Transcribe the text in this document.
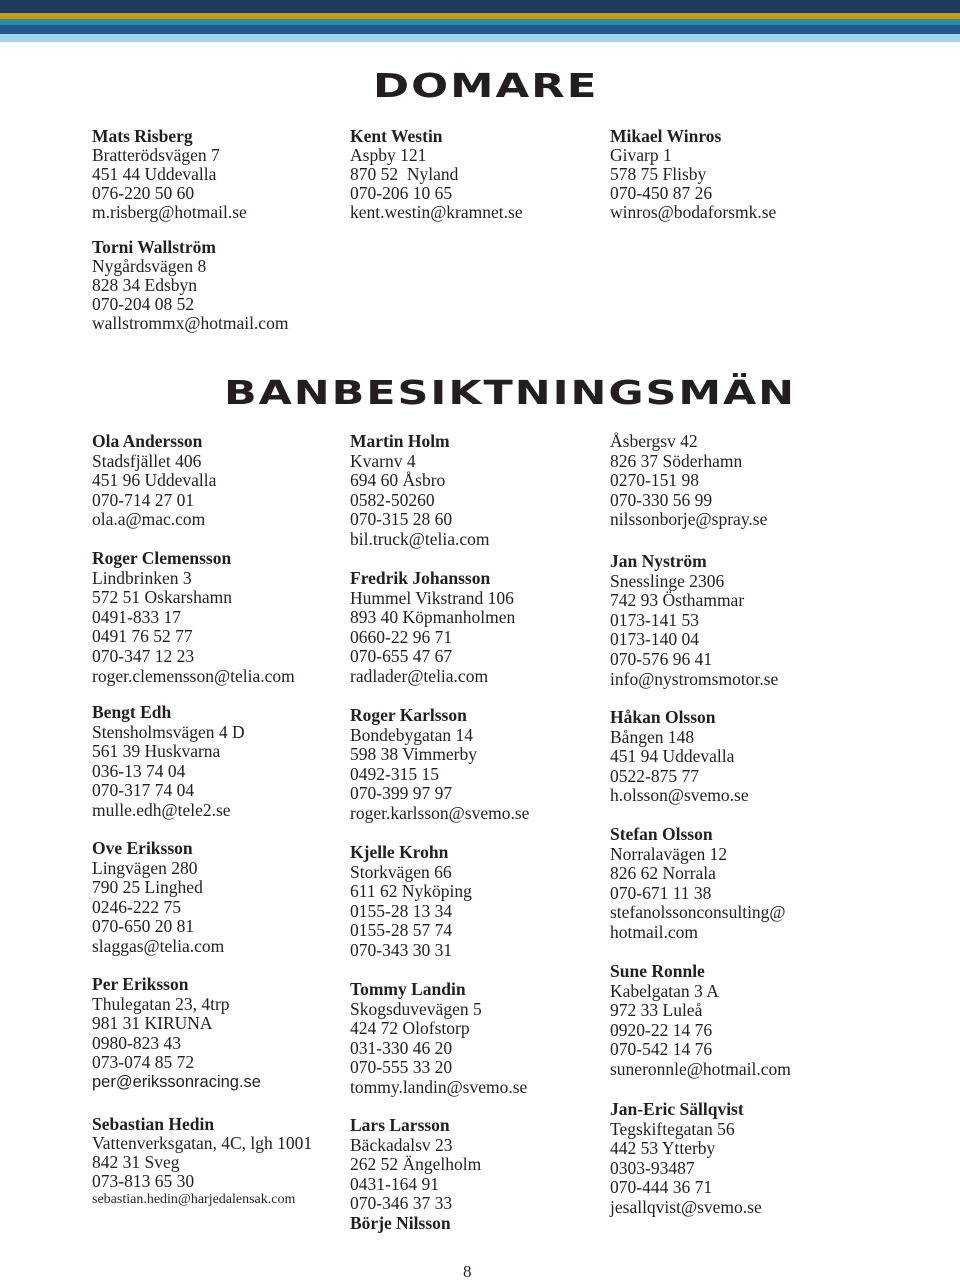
DOMARE
Mats Risberg
Bratterödsvägen 7
451 44 Uddevalla
076-220 50 60
m.risberg@hotmail.se
Kent Westin
Aspby 121
870 52  Nyland
070-206 10 65
kent.westin@kramnet.se
Mikael Winros
Givarp 1
578 75 Flisby
070-450 87 26
winros@bodaforsmk.se
Torni Wallström
Nygårdsvägen 8
828 34 Edsbyn
070-204 08 52
wallstrommx@hotmail.com
BANBESIKTNINGSMÄN
Ola Andersson
Stadsfjället 406
451 96 Uddevalla
070-714 27 01
ola.a@mac.com
Roger Clemensson
Lindbrinken 3
572 51 Oskarshamn
0491-833 17
0491 76 52 77
070-347 12 23
roger.clemensson@telia.com
Bengt Edh
Stensholmsvägen 4 D
561 39 Huskvarna
036-13 74 04
070-317 74 04
mulle.edh@tele2.se
Ove Eriksson
Lingvägen 280
790 25 Linghed
0246-222 75
070-650 20 81
slaggas@telia.com
Per Eriksson
Thulegatan 23, 4trp
981 31 KIRUNA
0980-823 43
073-074 85 72
per@erikssonracing.se
Sebastian Hedin
Vattenverksgatan, 4C, lgh 1001
842 31 Sveg
073-813 65 30
sebastian.hedin@harjedalensak.com
Martin Holm
Kvarnv 4
694 60 Åsbro
0582-50260
070-315 28 60
bil.truck@telia.com
Fredrik Johansson
Hummel Vikstrand 106
893 40 Köpmanholmen
0660-22 96 71
070-655 47 67
radlader@telia.com
Roger Karlsson
Bondebygatan 14
598 38 Vimmerby
0492-315 15
070-399 97 97
roger.karlsson@svemo.se
Kjelle Krohn
Storkvägen 66
611 62 Nyköping
0155-28 13 34
0155-28 57 74
070-343 30 31
Tommy Landin
Skogsduvevägen 5
424 72 Olofstorp
031-330 46 20
070-555 33 20
tommy.landin@svemo.se
Lars Larsson
Bäckadalsv 23
262 52 Ängelholm
0431-164 91
070-346 37 33
Börje Nilsson
Åsbergsv 42
826 37 Söderhamn
0270-151 98
070-330 56 99
nilssonborje@spray.se
Jan Nyström
Snesslinge 2306
742 93 Östhammar
0173-141 53
0173-140 04
070-576 96 41
info@nystromsmotor.se
Håkan Olsson
Bången 148
451 94 Uddevalla
0522-875 77
h.olsson@svemo.se
Stefan Olsson
Norralavägen 12
826 62 Norrala
070-671 11 38
stefanolssonconsulting@
hotmail.com
Sune Ronnle
Kabelgatan 3 A
972 33 Luleå
0920-22 14 76
070-542 14 76
suneronnle@hotmail.com
Jan-Eric Sällqvist
Tegskiftegatan 56
442 53 Ytterby
0303-93487
070-444 36 71
jesallqvist@svemo.se
8
